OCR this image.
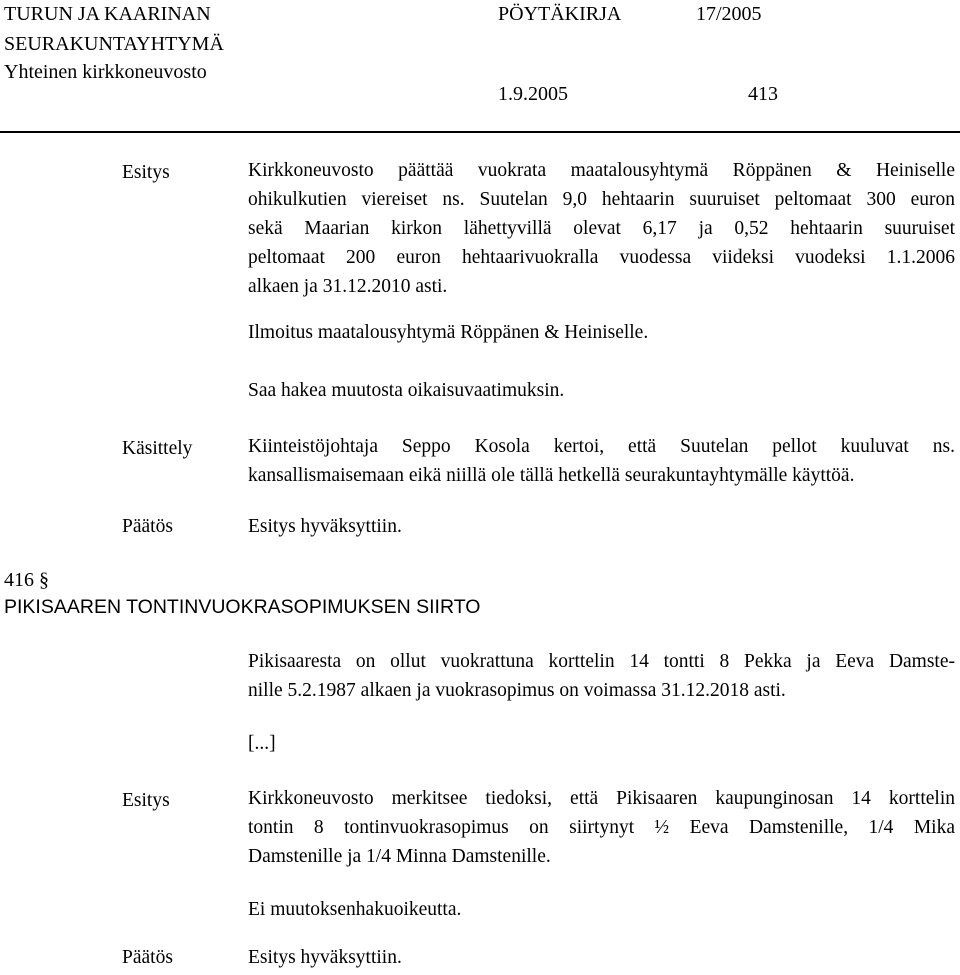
TURUN JA KAARINAN
SEURAKUNTAYHTYMÄ
Yhteinen kirkkoneuvosto
PÖYTÄKIRJA	17/2005
1.9.2005	413
Esitys	Kirkkoneuvosto päättää vuokrata maatalousyhtymä Röppänen & Heiniselle
ohikulkutien viereiset ns. Suutelan 9,0 hehtaarin suuruiset peltomaat 300 euron
sekä Maarian kirkon lähettyvillä olevat 6,17 ja 0,52 hehtaarin suuruiset
peltomaat 200 euron hehtaarivuokralla vuodessa viideksi vuodeksi 1.1.2006
alkaen ja 31.12.2010 asti.
Ilmoitus maatalousyhtymä Röppänen & Heiniselle.
Saa hakea muutosta oikaisuvaatimuksin.
Käsittely	Kiinteistöjohtaja Seppo Kosola kertoi, että Suutelan pellot kuuluvat ns.
kansallismaisemaan eikä niillä ole tällä hetkellä seurakuntayhtymälle käyttöä.
Päätös	Esitys hyväksyttiin.
416 §
PIKISAAREN TONTINVUOKRASOPIMUKSEN SIIRTO
Pikisaaresta on ollut vuokrattuna korttelin 14 tontti 8 Pekka ja Eeva Damste-
nille 5.2.1987 alkaen ja vuokrasopimus on voimassa 31.12.2018 asti.
[...]
Esitys	Kirkkoneuvosto merkitsee tiedoksi, että Pikisaaren kaupunginosan 14 korttelin
tontin 8 tontinvuokrasopimus on siirtynyt ½ Eeva Damstenille, 1/4 Mika
Damstenille ja 1/4 Minna Damstenille.
Ei muutoksenhakuoikeutta.
Päätös	Esitys hyväksyttiin.
